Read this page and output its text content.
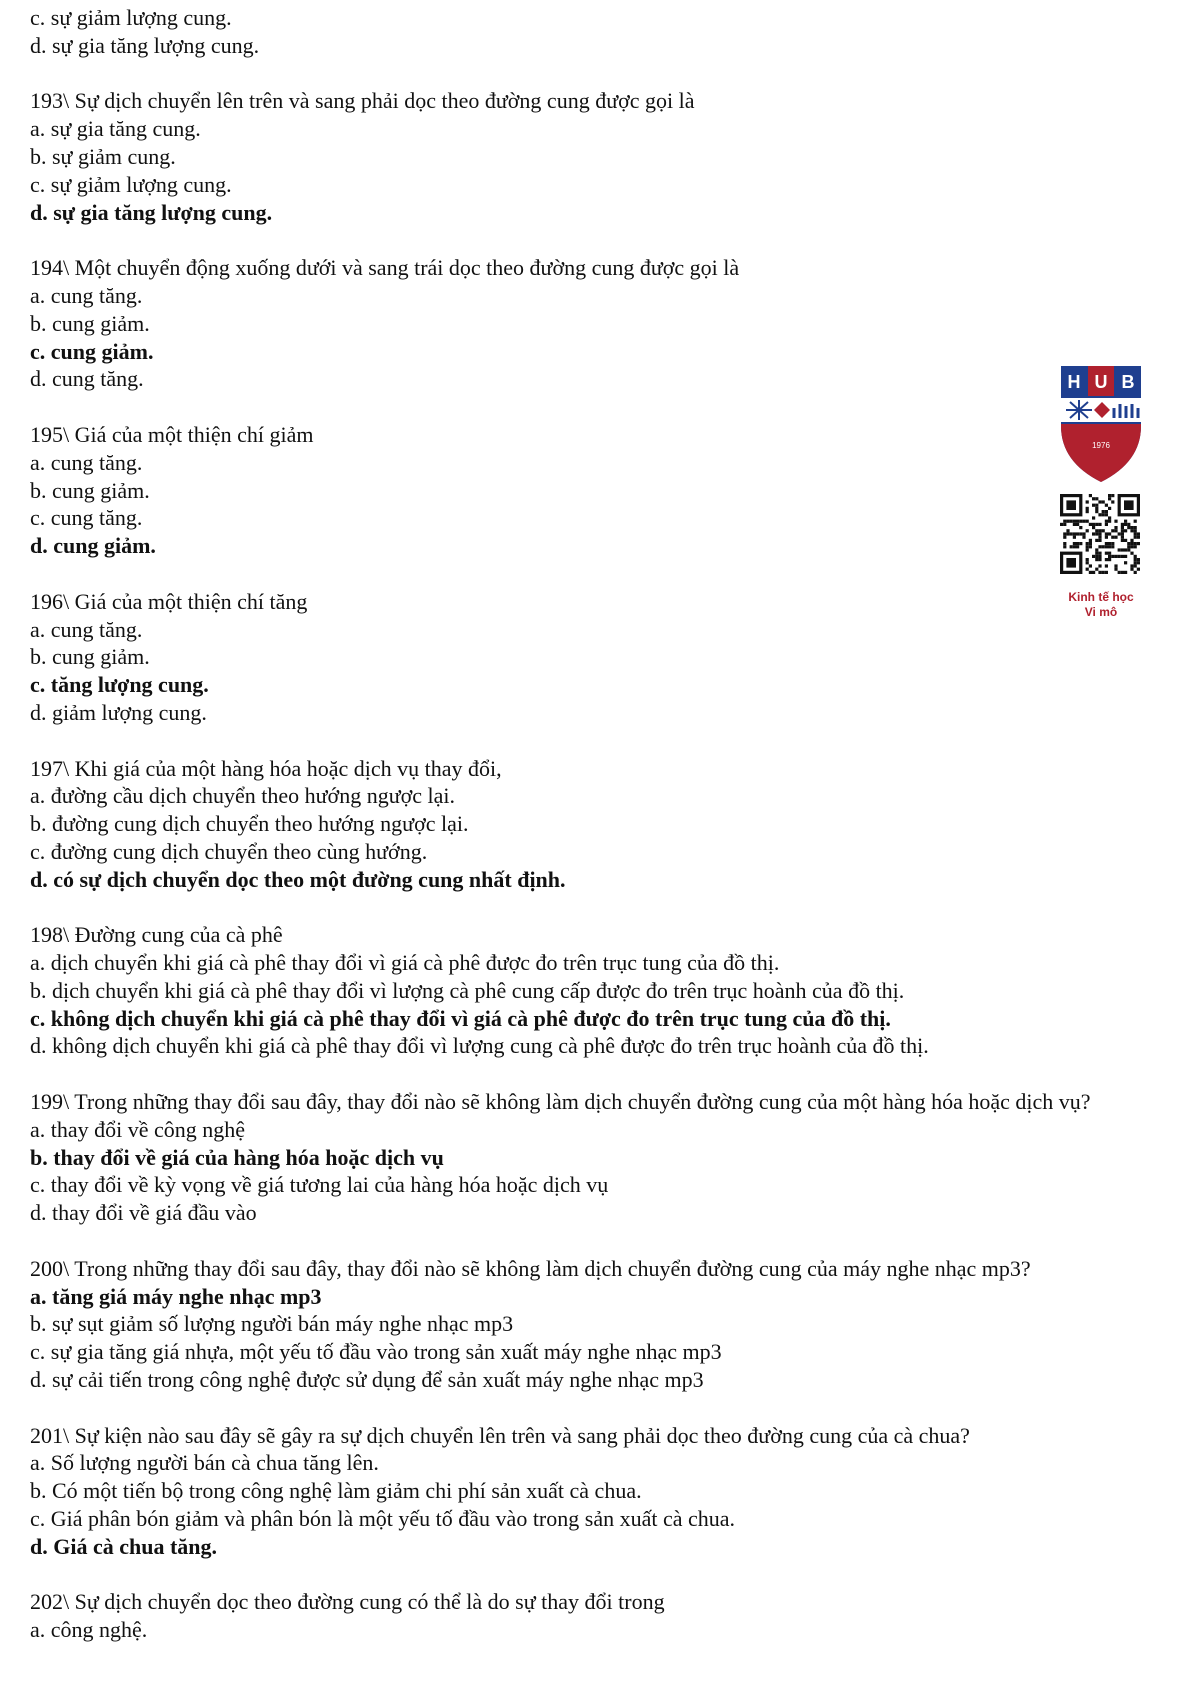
c. sự giảm lượng cung.
d. sự gia tăng lượng cung.
193\ Sự dịch chuyển lên trên và sang phải dọc theo đường cung được gọi là
a. sự gia tăng cung.
b. sự giảm cung.
c. sự giảm lượng cung.
d. sự gia tăng lượng cung.
194\ Một chuyển động xuống dưới và sang trái dọc theo đường cung được gọi là
a. cung tăng.
b. cung giảm.
c. cung giảm.
d. cung tăng.
195\ Giá của một thiện chí giảm
a. cung tăng.
b. cung giảm.
c. cung tăng.
d. cung giảm.
196\ Giá của một thiện chí tăng
a. cung tăng.
b. cung giảm.
c. tăng lượng cung.
d. giảm lượng cung.
197\ Khi giá của một hàng hóa hoặc dịch vụ thay đổi,
a. đường cầu dịch chuyển theo hướng ngược lại.
b. đường cung dịch chuyển theo hướng ngược lại.
c. đường cung dịch chuyển theo cùng hướng.
d. có sự dịch chuyển dọc theo một đường cung nhất định.
198\ Đường cung của cà phê
a. dịch chuyển khi giá cà phê thay đổi vì giá cà phê được đo trên trục tung của đồ thị.
b. dịch chuyển khi giá cà phê thay đổi vì lượng cà phê cung cấp được đo trên trục hoành của đồ thị.
c. không dịch chuyển khi giá cà phê thay đổi vì giá cà phê được đo trên trục tung của đồ thị.
d. không dịch chuyển khi giá cà phê thay đổi vì lượng cung cà phê được đo trên trục hoành của đồ thị.
199\ Trong những thay đổi sau đây, thay đổi nào sẽ không làm dịch chuyển đường cung của một hàng hóa hoặc dịch vụ?
a. thay đổi về công nghệ
b. thay đổi về giá của hàng hóa hoặc dịch vụ
c. thay đổi về kỳ vọng về giá tương lai của hàng hóa hoặc dịch vụ
d. thay đổi về giá đầu vào
200\ Trong những thay đổi sau đây, thay đổi nào sẽ không làm dịch chuyển đường cung của máy nghe nhạc mp3?
a. tăng giá máy nghe nhạc mp3
b. sự sụt giảm số lượng người bán máy nghe nhạc mp3
c. sự gia tăng giá nhựa, một yếu tố đầu vào trong sản xuất máy nghe nhạc mp3
d. sự cải tiến trong công nghệ được sử dụng để sản xuất máy nghe nhạc mp3
201\ Sự kiện nào sau đây sẽ gây ra sự dịch chuyển lên trên và sang phải dọc theo đường cung của cà chua?
a. Số lượng người bán cà chua tăng lên.
b. Có một tiến bộ trong công nghệ làm giảm chi phí sản xuất cà chua.
c. Giá phân bón giảm và phân bón là một yếu tố đầu vào trong sản xuất cà chua.
d. Giá cà chua tăng.
202\ Sự dịch chuyển dọc theo đường cung có thể là do sự thay đổi trong
a. công nghệ.
H U B
1976
Kinh tế học
Vi mô
